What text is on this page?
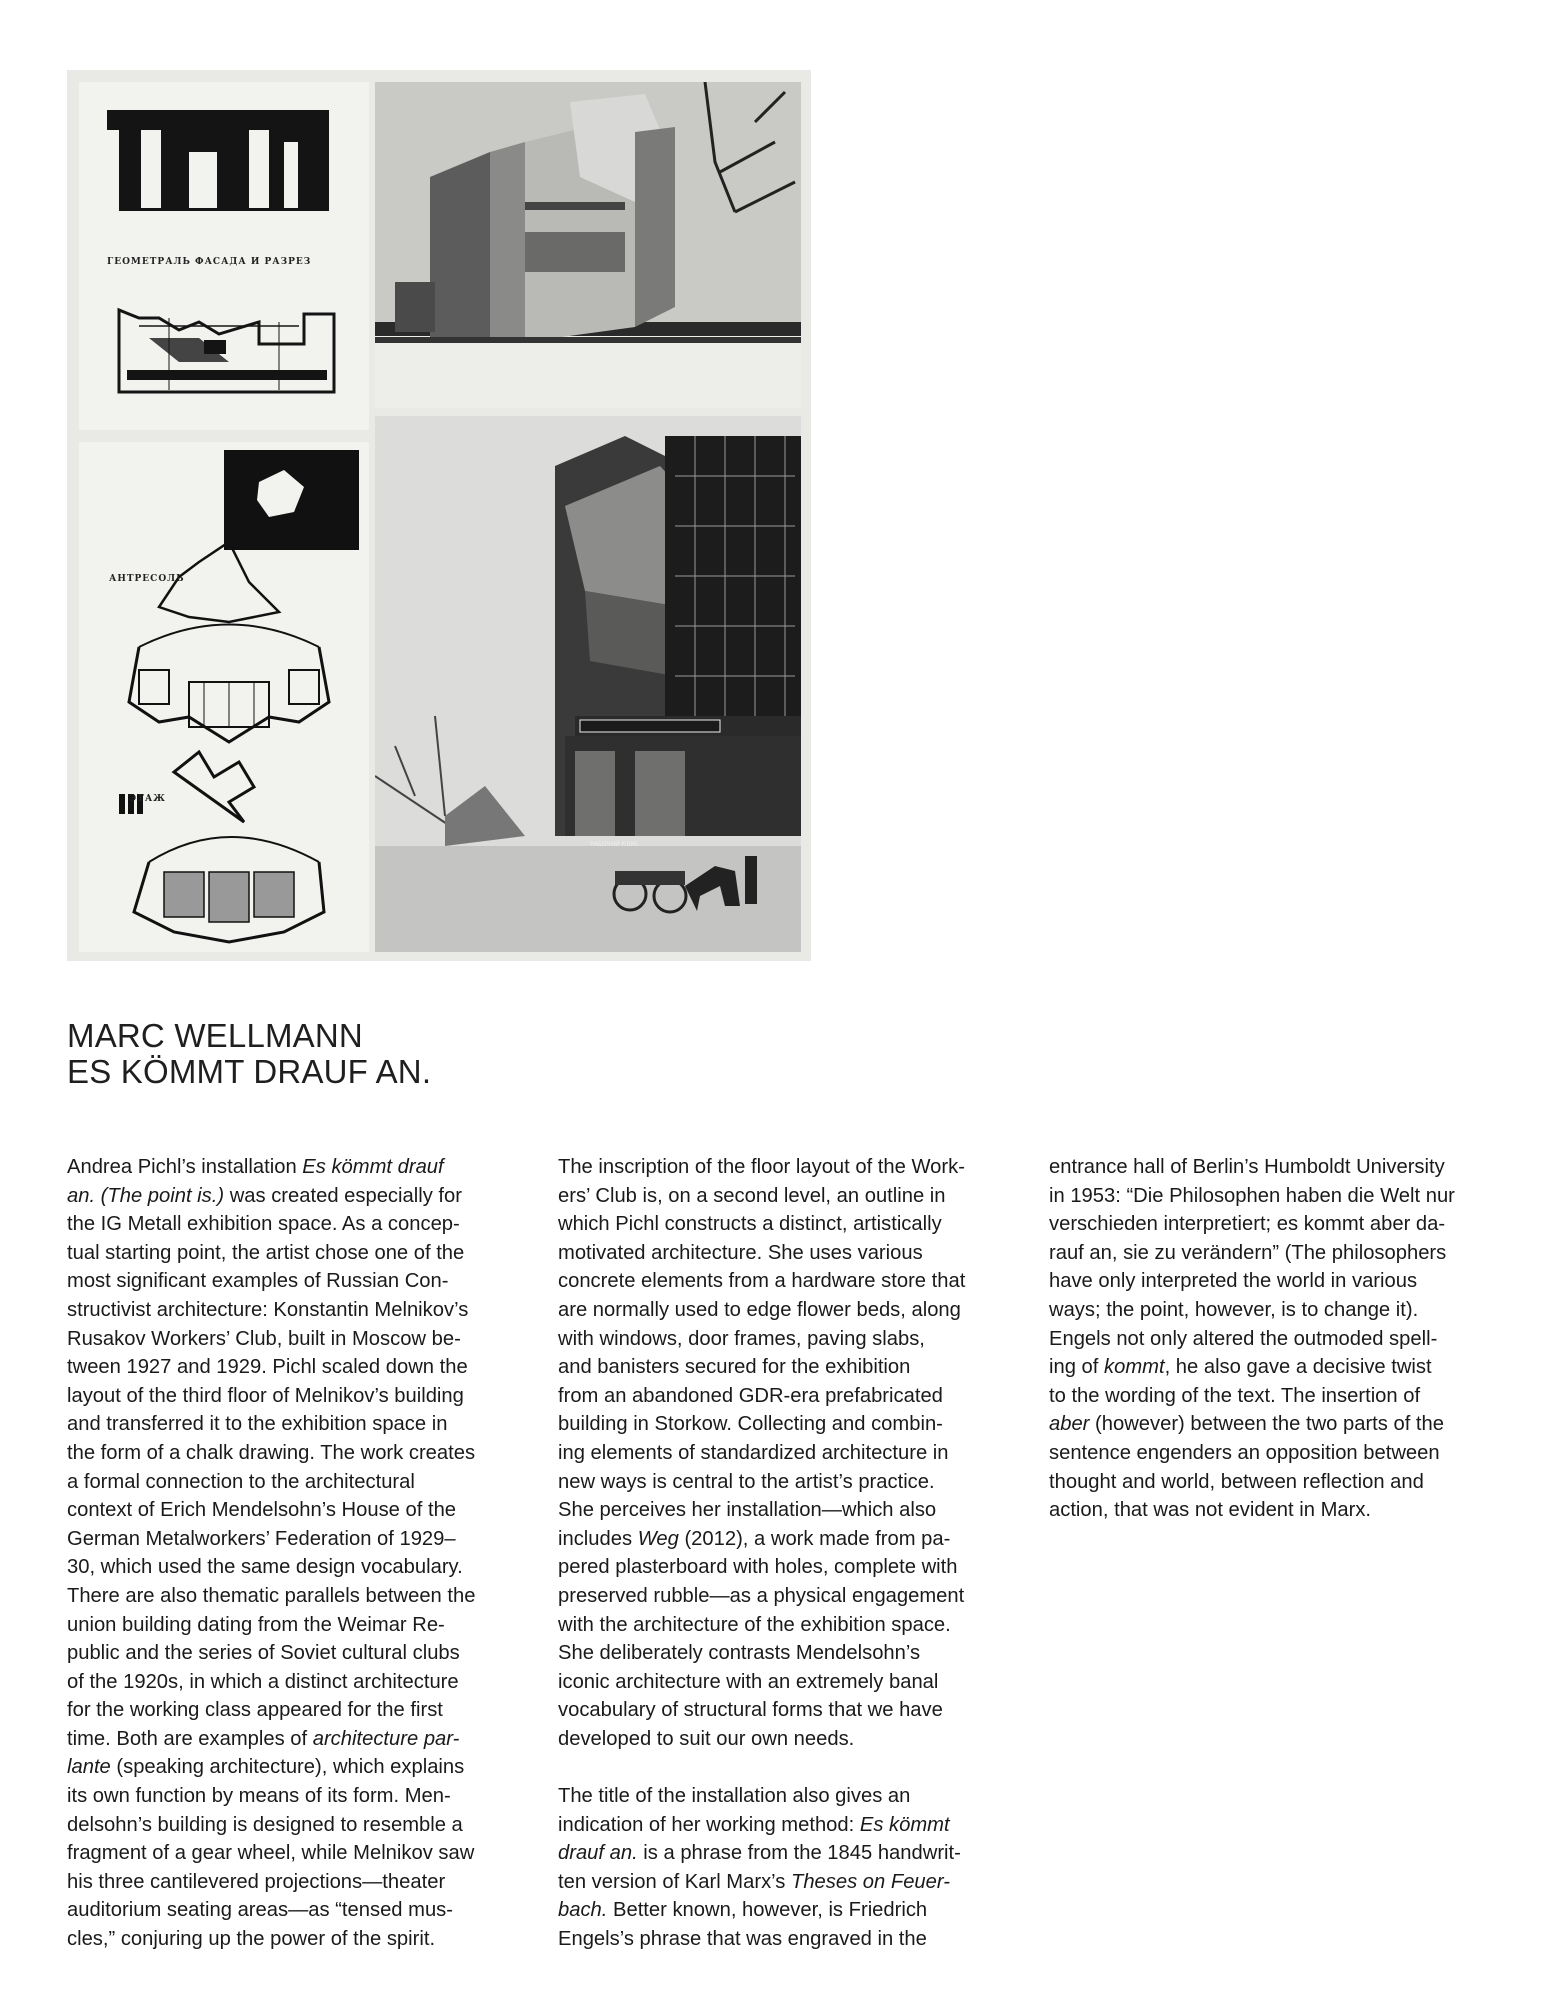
ГЕОМЕТРАЛЬ ФАСАДА И РАЗРЕЗ
АНТРЕСОЛЬ
ЭТАЖ
РАБОЧИЙ КЛУБ
MARC WELLMANN
ES KÖMMT DRAUF AN.
Andrea Pichl’s installation Es kömmt drauf
an. (The point is.) was created especially for
the IG Metall exhibition space. As a concep-
tual starting point, the artist chose one of the
most significant examples of Russian Con-
structivist architecture: Konstantin Melnikov’s
Rusakov Workers’ Club, built in Moscow be-
tween 1927 and 1929. Pichl scaled down the
layout of the third floor of Melnikov’s building
and transferred it to the exhibition space in
the form of a chalk drawing. The work creates
a formal connection to the architectural
context of Erich Mendelsohn’s House of the
German Metalworkers’ Federation of 1929–
30, which used the same design vocabulary.
There are also thematic parallels between the
union building dating from the Weimar Re-
public and the series of Soviet cultural clubs
of the 1920s, in which a distinct architecture
for the working class appeared for the first
time. Both are examples of architecture par-
lante (speaking architecture), which explains
its own function by means of its form. Men-
delsohn’s building is designed to resemble a
fragment of a gear wheel, while Melnikov saw
his three cantilevered projections—theater
auditorium seating areas—as “tensed mus-
cles,” conjuring up the power of the spirit.
The inscription of the floor layout of the Work-
ers’ Club is, on a second level, an outline in
which Pichl constructs a distinct, artistically
motivated architecture. She uses various
concrete elements from a hardware store that
are normally used to edge flower beds, along
with windows, door frames, paving slabs,
and banisters secured for the exhibition
from an abandoned GDR-era prefabricated
building in Storkow. Collecting and combin-
ing elements of standardized architecture in
new ways is central to the artist’s practice.
She perceives her installation—which also
includes Weg (2012), a work made from pa-
pered plasterboard with holes, complete with
preserved rubble—as a physical engagement
with the architecture of the exhibition space.
She deliberately contrasts Mendelsohn’s
iconic architecture with an extremely banal
vocabulary of structural forms that we have
developed to suit our own needs.
The title of the installation also gives an
indication of her working method: Es kömmt
drauf an. is a phrase from the 1845 handwrit-
ten version of Karl Marx’s Theses on Feuer-
bach. Better known, however, is Friedrich
Engels’s phrase that was engraved in the
entrance hall of Berlin’s Humboldt University
in 1953: “Die Philosophen haben die Welt nur
verschieden interpretiert; es kommt aber da-
rauf an, sie zu verändern” (The philosophers
have only interpreted the world in various
ways; the point, however, is to change it).
Engels not only altered the outmoded spell-
ing of kommt, he also gave a decisive twist
to the wording of the text. The insertion of
aber (however) between the two parts of the
sentence engenders an opposition between
thought and world, between reflection and
action, that was not evident in Marx.
